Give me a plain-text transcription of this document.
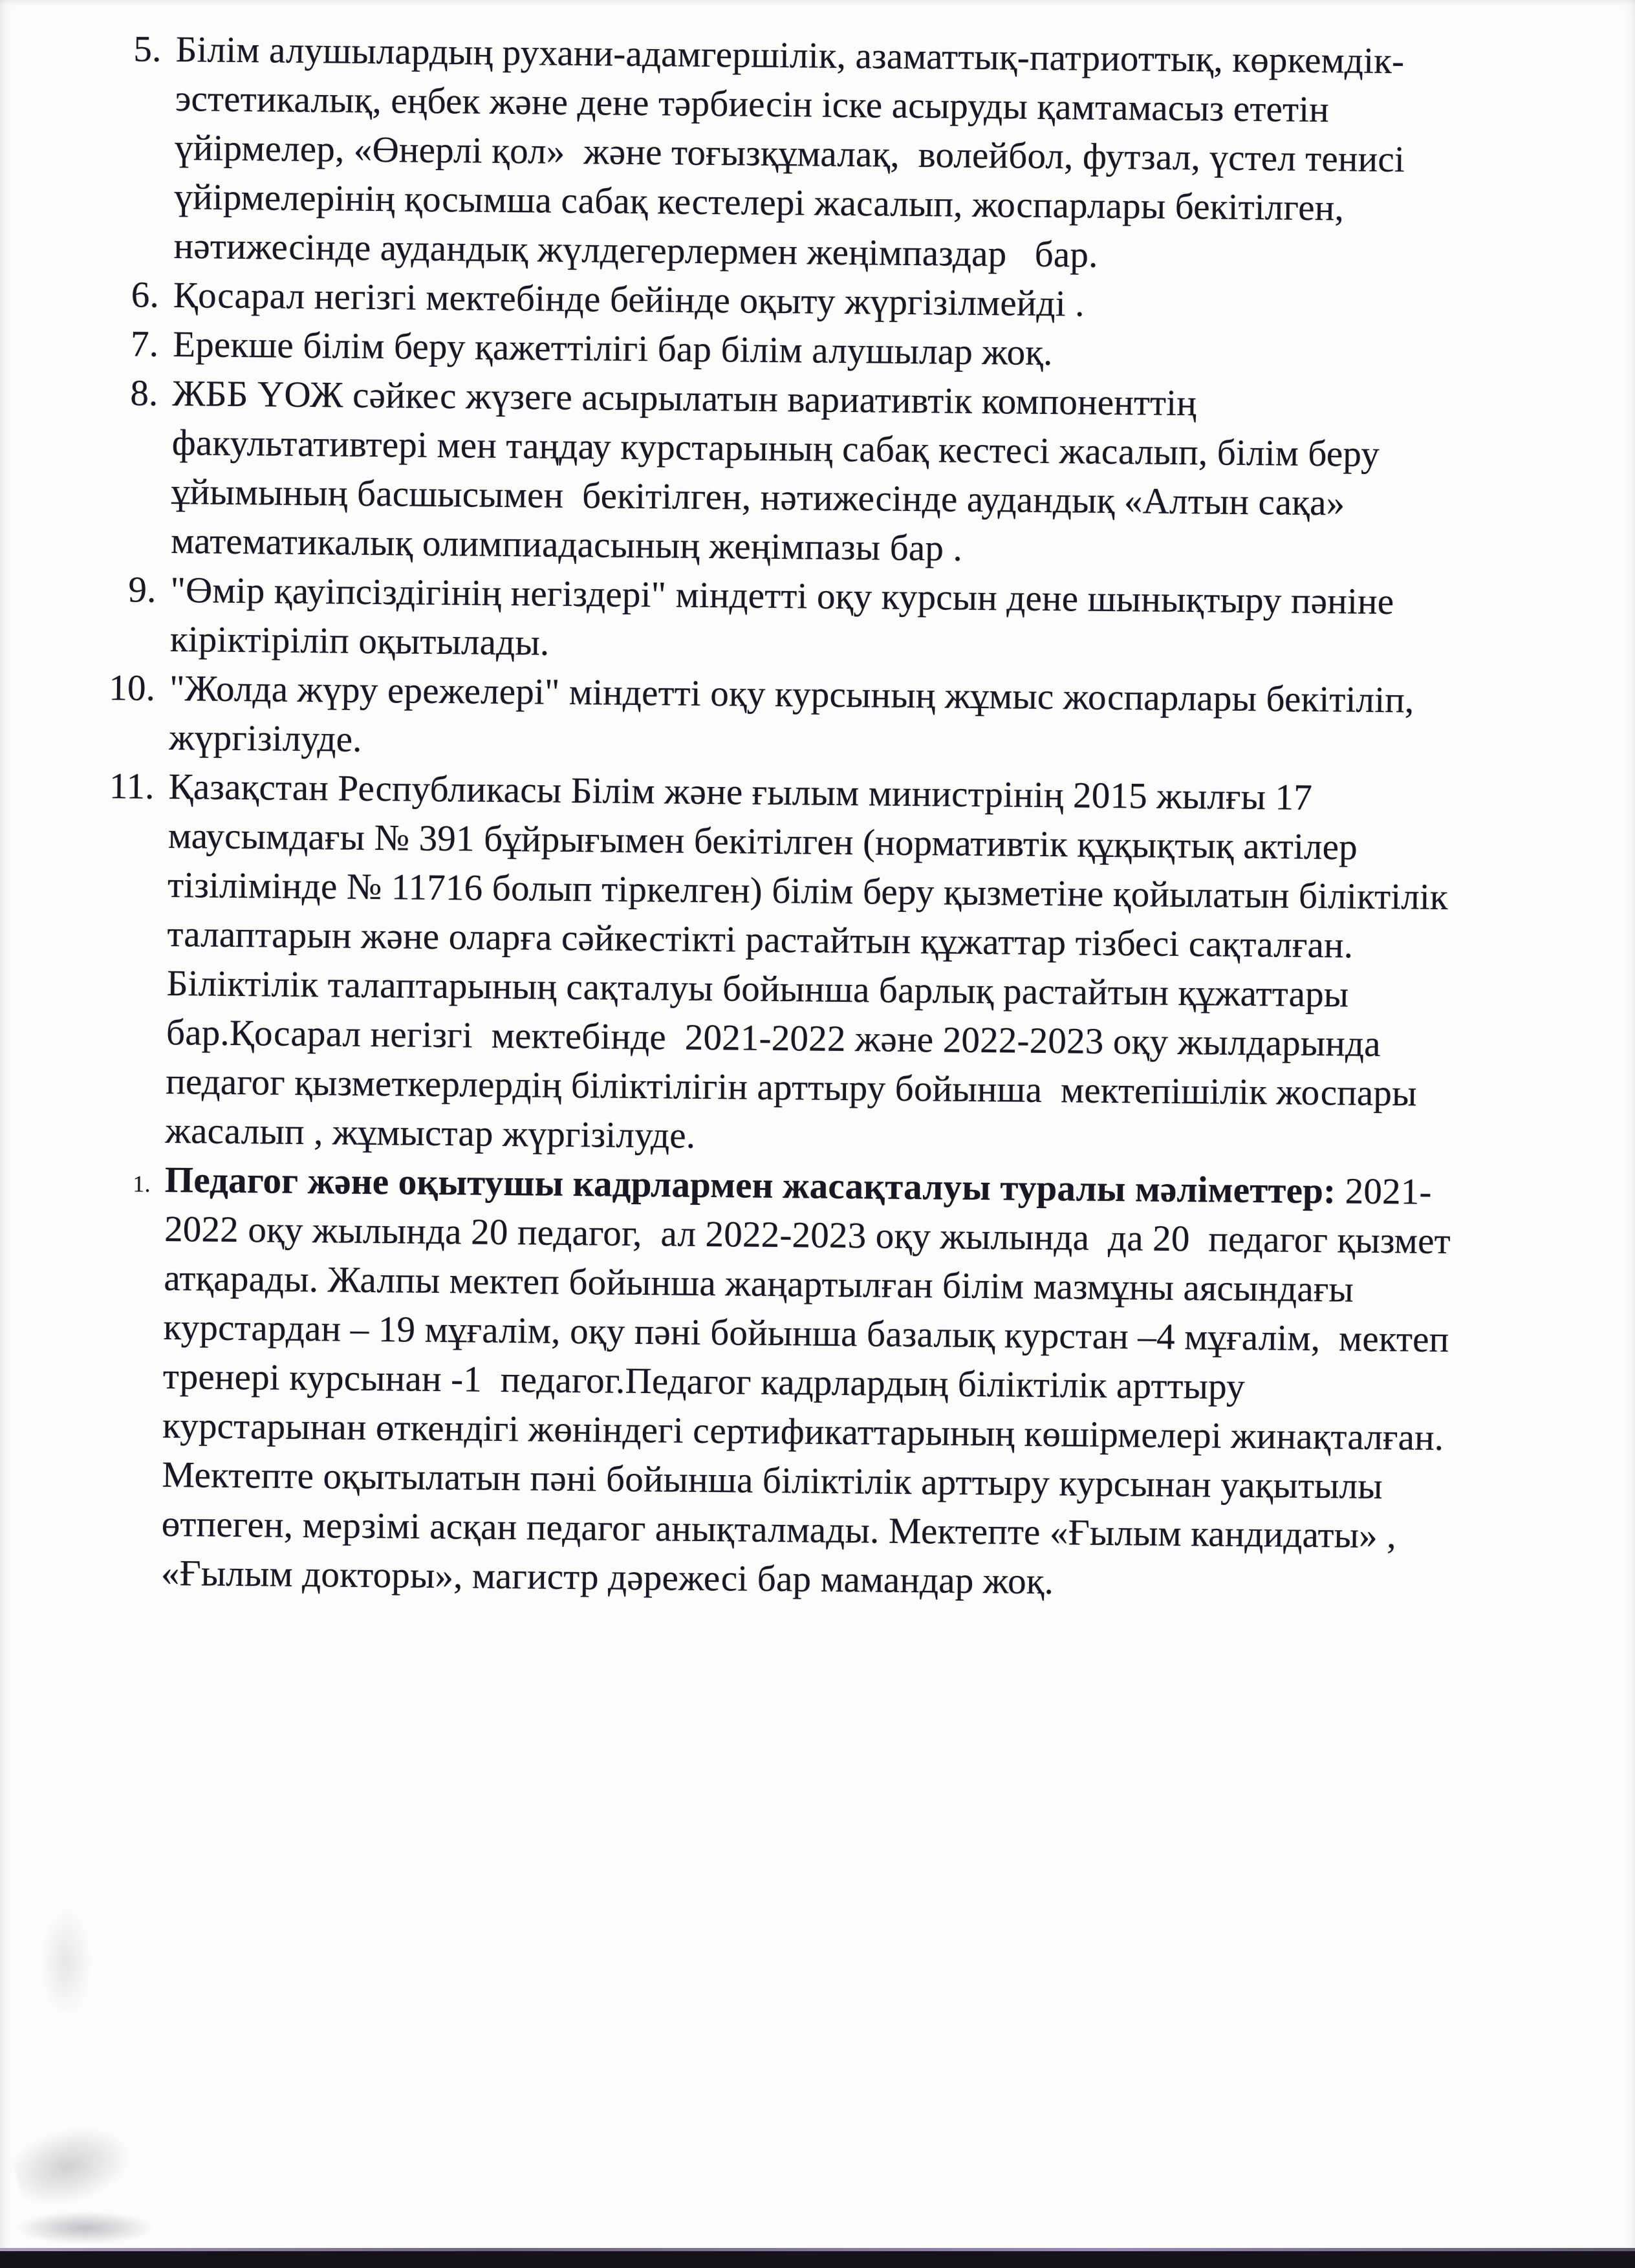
5. Білім алушылардың рухани-адамгершілік, азаматтық-патриоттық, көркемдік-
эстетикалық, еңбек және дене тәрбиесін іске асыруды қамтамасыз ететін
үйірмелер, «Өнерлі қол»  және тоғызқұмалақ,  волейбол, футзал, үстел тенисі
үйірмелерінің қосымша сабақ кестелері жасалып, жоспарлары бекітілген,
нәтижесінде аудандық жүлдегерлермен жеңімпаздар   бар.
6. Қосарал негізгі мектебінде бейінде оқыту жүргізілмейді .
7. Ерекше білім беру қажеттілігі бар білім алушылар жоқ.
8. ЖББ ҮОЖ сәйкес жүзеге асырылатын вариативтік компоненттің
факультативтері мен таңдау курстарының сабақ кестесі жасалып, білім беру
ұйымының басшысымен  бекітілген, нәтижесінде аудандық «Алтын сақа»
математикалық олимпиадасының жеңімпазы бар .
9. "Өмір қауіпсіздігінің негіздері" міндетті оқу курсын дене шынықтыру пәніне
кіріктіріліп оқытылады.
10. "Жолда жүру ережелері" міндетті оқу курсының жұмыс жоспарлары бекітіліп,
жүргізілуде.
11. Қазақстан Республикасы Білім және ғылым министрінің 2015 жылғы 17
маусымдағы № 391 бұйрығымен бекітілген (нормативтік құқықтық актілер
тізілімінде № 11716 болып тіркелген) білім беру қызметіне қойылатын біліктілік
талаптарын және оларға сәйкестікті растайтын құжаттар тізбесі сақталған.
Біліктілік талаптарының сақталуы бойынша барлық растайтын құжаттары
бар.Қосарал негізгі  мектебінде  2021-2022 және 2022-2023 оқу жылдарында
педагог қызметкерлердің біліктілігін арттыру бойынша  мектепішілік жоспары
жасалып , жұмыстар жүргізілуде.
1. Педагог және оқытушы кадрлармен жасақталуы туралы мәліметтер: 2021-
2022 оқу жылында 20 педагог,  ал 2022-2023 оқу жылында  да 20  педагог қызмет
атқарады. Жалпы мектеп бойынша жаңартылған білім мазмұны аясындағы
курстардан – 19 мұғалім, оқу пәні бойынша базалық курстан –4 мұғалім,  мектеп
тренері курсынан -1  педагог.Педагог кадрлардың біліктілік арттыру
курстарынан өткендігі жөніндегі сертификаттарының көшірмелері жинақталған.
Мектепте оқытылатын пәні бойынша біліктілік арттыру курсынан уақытылы
өтпеген, мерзімі асқан педагог анықталмады. Мектепте «Ғылым кандидаты» ,
«Ғылым докторы», магистр дәрежесі бар мамандар жоқ.
